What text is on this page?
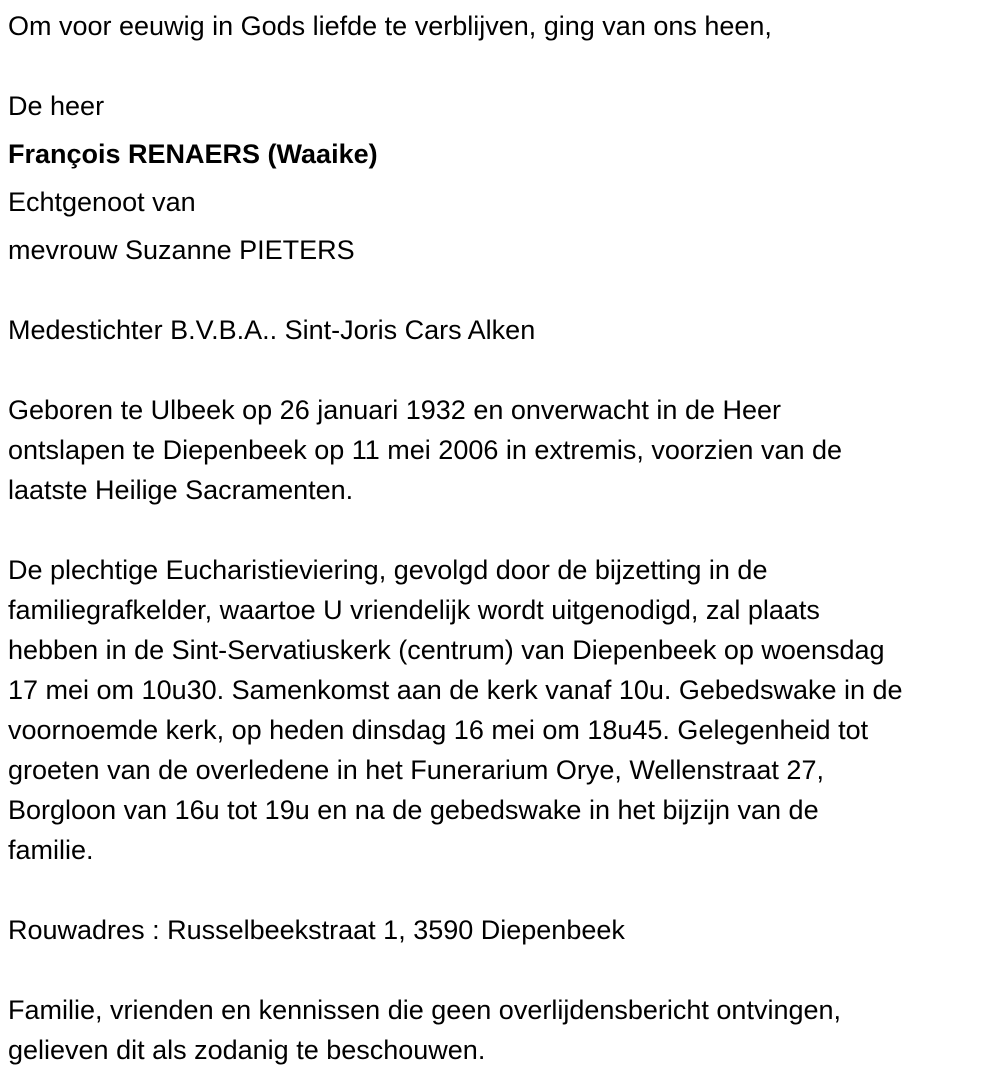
Om voor eeuwig in Gods liefde te verblijven, ging van ons heen,
De heer
François RENAERS (Waaike)
Echtgenoot van
mevrouw Suzanne PIETERS
Medestichter B.V.B.A.. Sint-Joris Cars Alken
Geboren te Ulbeek op 26 januari 1932 en onverwacht in de Heer
ontslapen te Diepenbeek op 11 mei 2006 in extremis, voorzien van de
laatste Heilige Sacramenten.
De plechtige Eucharistieviering, gevolgd door de bijzetting in de
familiegrafkelder, waartoe U vriendelijk wordt uitgenodigd, zal plaats
hebben in de Sint-Servatiuskerk (centrum) van Diepenbeek op woensdag
17 mei om 10u30. Samenkomst aan de kerk vanaf 10u. Gebedswake in de
voornoemde kerk, op heden dinsdag 16 mei om 18u45. Gelegenheid tot
groeten van de overledene in het Funerarium Orye, Wellenstraat 27,
Borgloon van 16u tot 19u en na de gebedswake in het bijzijn van de
familie.
Rouwadres : Russelbeekstraat 1, 3590 Diepenbeek
Familie, vrienden en kennissen die geen overlijdensbericht ontvingen,
gelieven dit als zodanig te beschouwen.
